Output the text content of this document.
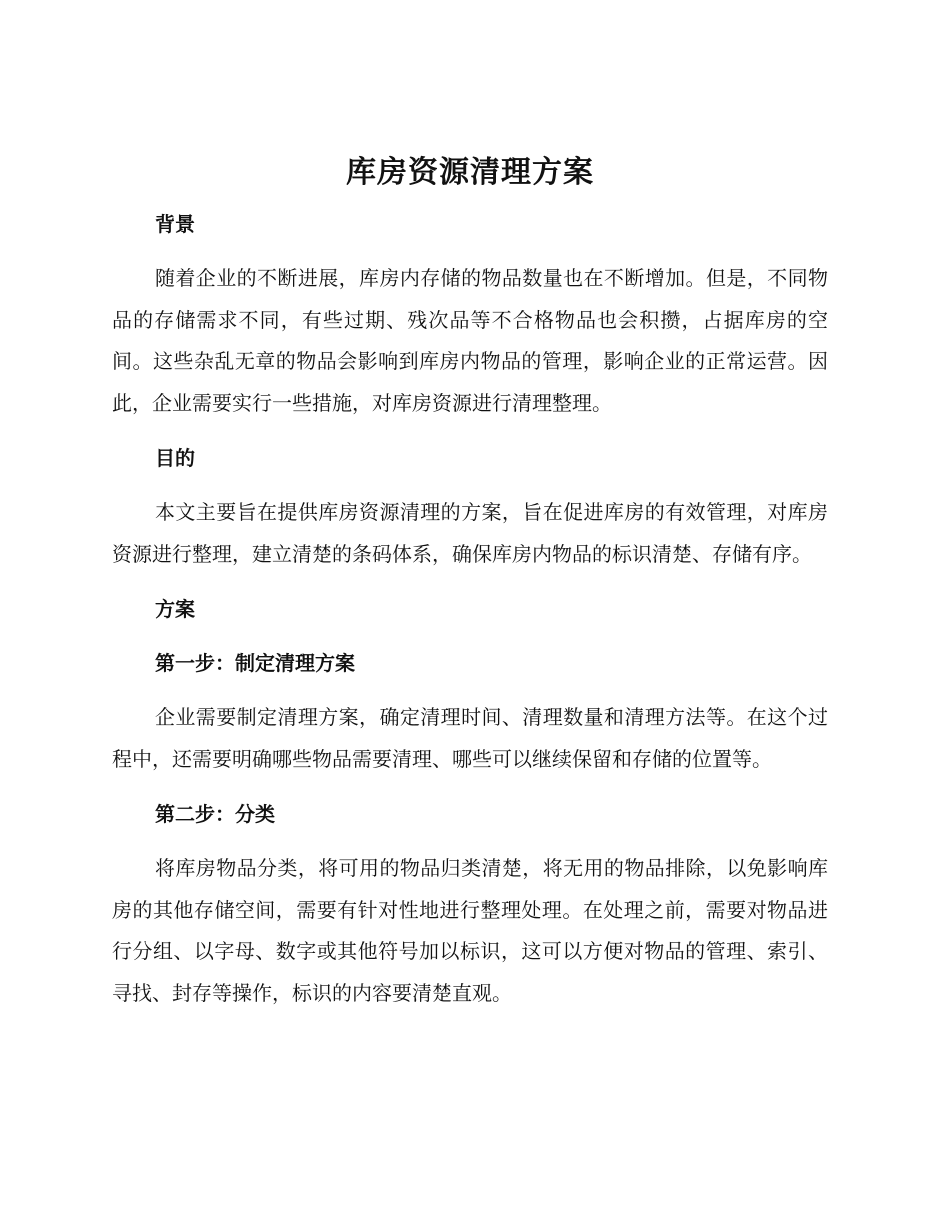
库房资源清理方案
背景

随着企业的不断进展，库房内存储的物品数量也在不断增加。但是，不同物品的存储需求不同，有些过期、残次品等不合格物品也会积攒，占据库房的空间。这些杂乱无章的物品会影响到库房内物品的管理，影响企业的正常运营。因此，企业需要实行一些措施，对库房资源进行清理整理。

目的

本文主要旨在提供库房资源清理的方案，旨在促进库房的有效管理，对库房资源进行整理，建立清楚的条码体系，确保库房内物品的标识清楚、存储有序。

方案
第一步：制定清理方案

企业需要制定清理方案，确定清理时间、清理数量和清理方法等。在这个过程中，还需要明确哪些物品需要清理、哪些可以继续保留和存储的位置等。

第二步：分类

将库房物品分类，将可用的物品归类清楚，将无用的物品排除，以免影响库房的其他存储空间，需要有针对性地进行整理处理。在处理之前，需要对物品进行分组、以字母、数字或其他符号加以标识，这可以方便对物品的管理、索引、寻找、封存等操作，标识的内容要清楚直观。
